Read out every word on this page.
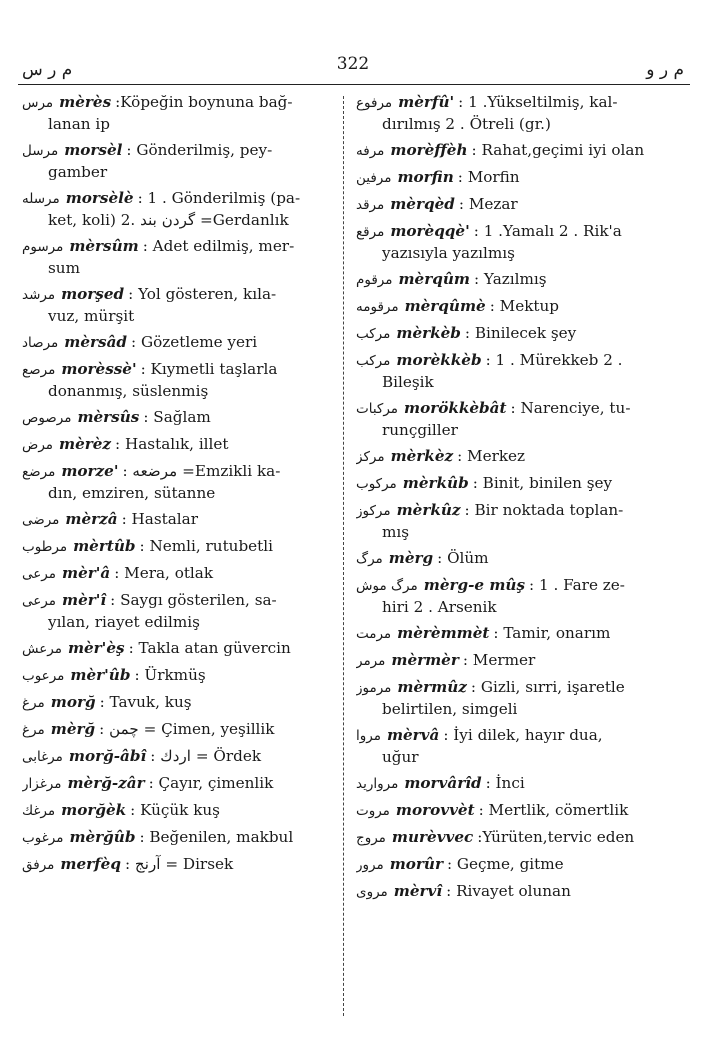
م ر س	322	م ر و
مرس mèrès :Köpeğin boynuna bağ-
lanan ip
مرسل morsèl : Gönderilmiş, pey-
gamber
مرسله morsèlè : 1 . Gönderilmiş (pa-
ket, koli) 2. گردن بند =Gerdanlık
مرسوم mèrsûm : Adet edilmiş, mer-
sum
مرشد morşed : Yol gösteren, kıla-
vuz, mürşit
مرصاد mèrsâd : Gözetleme yeri
مرصع morèssè' : Kıymetli taşlarla
donanmış, süslenmiş
مرصوص mèrsûs : Sağlam
مرض mèrèz : Hastalık, illet
مرضع morze' : مرضعه =Emzikli ka-
dın, emziren, sütanne
مرضى mèrzâ : Hastalar
مرطوب mèrtûb : Nemli, rutubetli
مرعى mèr'â : Mera, otlak
مرعى mèr'î : Saygı gösterilen, sa-
yılan, riayet edilmiş
مرعش mèr'èş : Takla atan güvercin
مرعوب mèr'ûb : Ürkmüş
مرغ morğ : Tavuk, kuş
مرغ mèrğ : چمن = Çimen, yeşillik
مرغابى morğ-âbî : اردك = Ördek
مرغزار mèrğ-zâr : Çayır, çimenlik
مرغك morğèk : Küçük kuş
مرغوب mèrğûb : Beğenilen, makbul
مرفق merfèq : آرنج = Dirsek
مرفوع mèrfû' : 1 .Yükseltilmiş, kal-
dırılmış 2 . Ötreli (gr.)
مرفه morèffèh : Rahat,geçimi iyi olan
مرفين morfin : Morfin
مرقد mèrqèd : Mezar
مرقع morèqqè' : 1 .Yamalı 2 . Rik'a
yazısıyla yazılmış
مرقوم mèrqûm : Yazılmış
مرقومه mèrqûmè : Mektup
مركب mèrkèb : Binilecek şey
مركب morèkkèb : 1 . Mürekkeb 2 .
Bileşik
مركبات morökkèbât : Narenciye, tu-
runçgiller
مركز mèrkèz : Merkez
مركوب mèrkûb : Binit, binilen şey
مركوز mèrkûz : Bir noktada toplan-
mış
مرگ mèrg : Ölüm
مرگ موش mèrg-e mûş : 1 . Fare ze-
hiri 2 . Arsenik
مرمت mèrèmmèt : Tamir, onarım
مرمر mèrmèr : Mermer
مرموز mèrmûz : Gizli, sırri, işaretle
belirtilen, simgeli
مروا mèrvâ : İyi dilek, hayır dua,
uğur
مرواريد morvârîd : İnci
مروت morovvèt : Mertlik, cömertlik
مروج murèvvec :Yürüten,tervic eden
مرور morûr : Geçme, gitme
مروى mèrvî : Rivayet olunan
